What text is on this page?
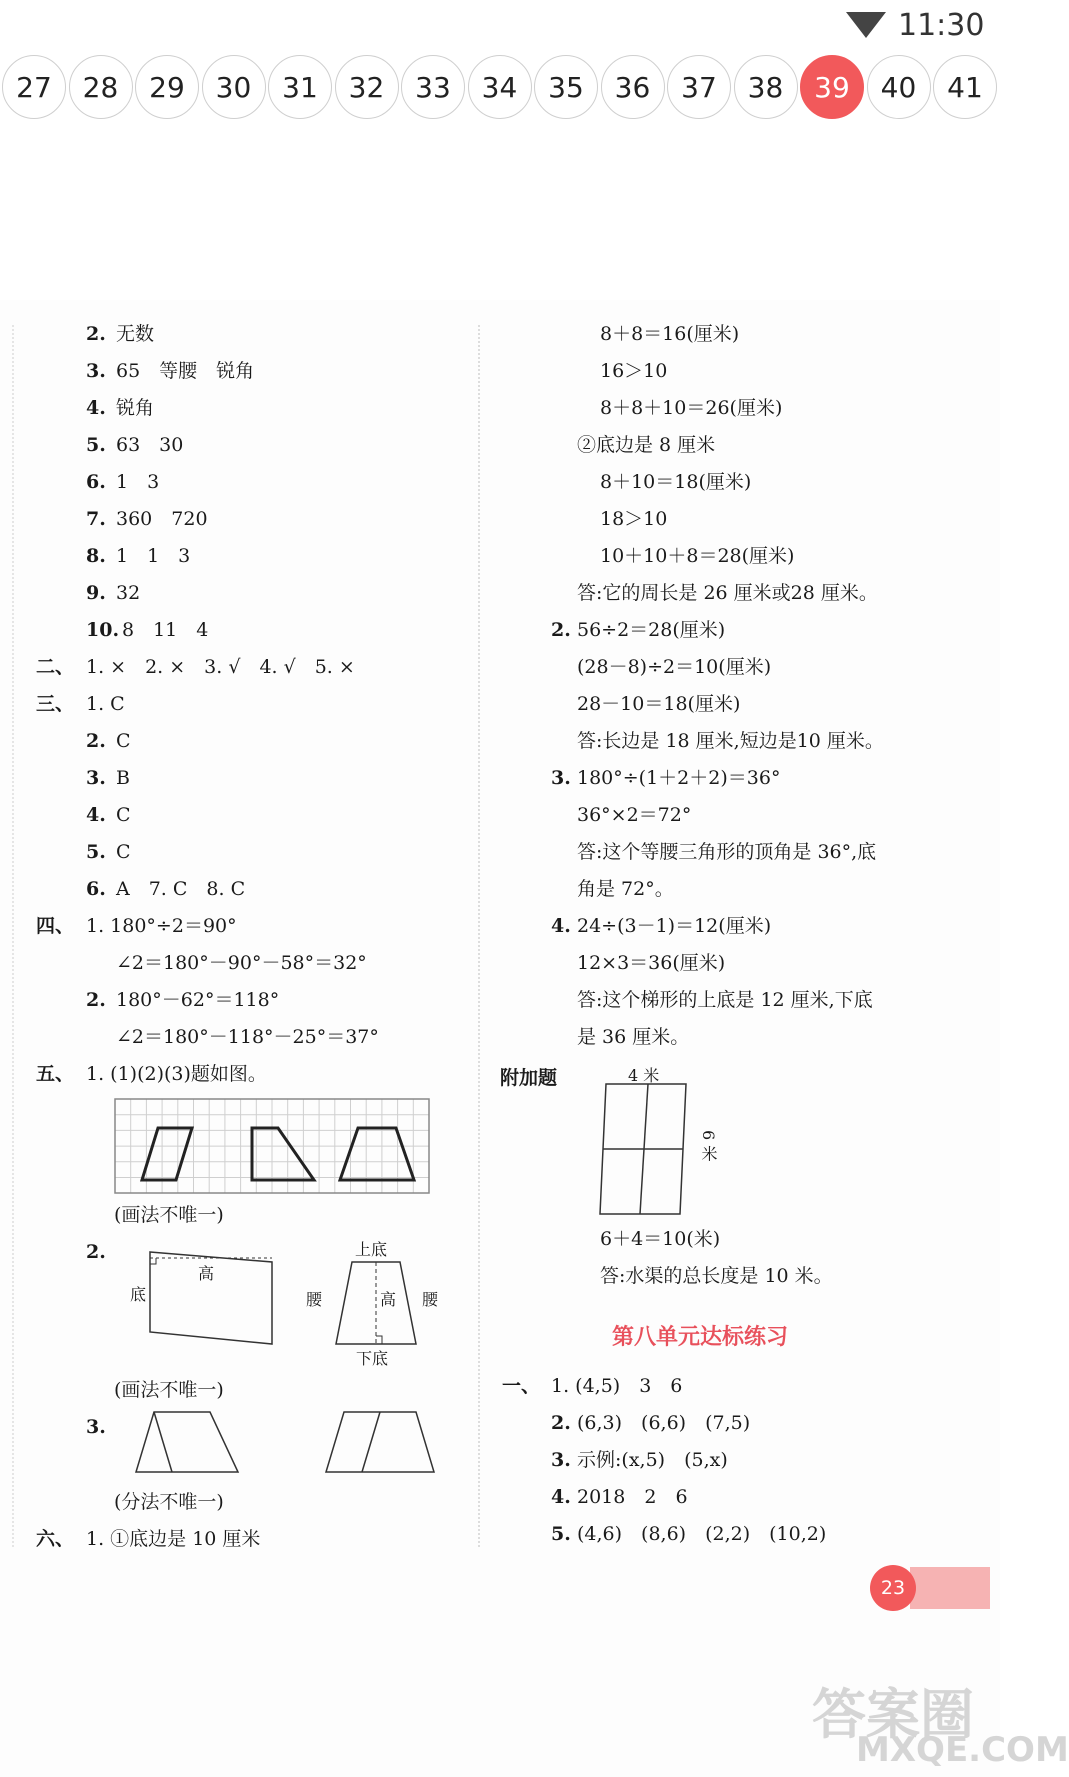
11:30
27	28	29	30	31	32	33	34	35	36	37	38	39	40	41
2. 无数
3. 65　等腰　锐角
4. 锐角
5. 63　30
6. 1　3
7. 360　720
8. 1　1　3
9. 32
10. 8　11　4
二、 1. ×　2. ×　3. √　4. √　5. ×
三、 1. C
2. C
3. B
4. C
5. C
6. A　7. C　8. C
四、 1. 180°÷2＝90°
∠2＝180°－90°－58°＝32°
2. 180°－62°＝118°
∠2＝180°－118°－25°＝37°
五、 1. (1)(2)(3)题如图。
(画法不唯一)
2.
底
高
上底
腰	高 腰
下底
(画法不唯一)
3.
(分法不唯一)
六、 1. ①底边是 10 厘米
8＋8＝16(厘米)
16＞10
8＋8＋10＝26(厘米)
②底边是 8 厘米
8＋10＝18(厘米)
18＞10
10＋10＋8＝28(厘米)
答:它的周长是 26 厘米或28 厘米。
2. 56÷2＝28(厘米)
(28－8)÷2＝10(厘米)
28－10＝18(厘米)
答:长边是 18 厘米,短边是10 厘米。
3. 180°÷(1＋2＋2)＝36°
36°×2＝72°
答:这个等腰三角形的顶角是 36°,底
角是 72°。
4. 24÷(3－1)＝12(厘米)
12×3＝36(厘米)
答:这个梯形的上底是 12 厘米,下底
是 36 厘米。
附加题	4 米
6 米
6＋4＝10(米)
答:水渠的总长度是 10 米。
第八单元达标练习
一、 1. (4,5)　3　6
2. (6,3)　(6,6)　(7,5)
3. 示例:(x,5)　(5,x)
4. 2018　2　6
5. (4,6)　(8,6)　(2,2)　(10,2)
23
答案圈
MXQE.COM
